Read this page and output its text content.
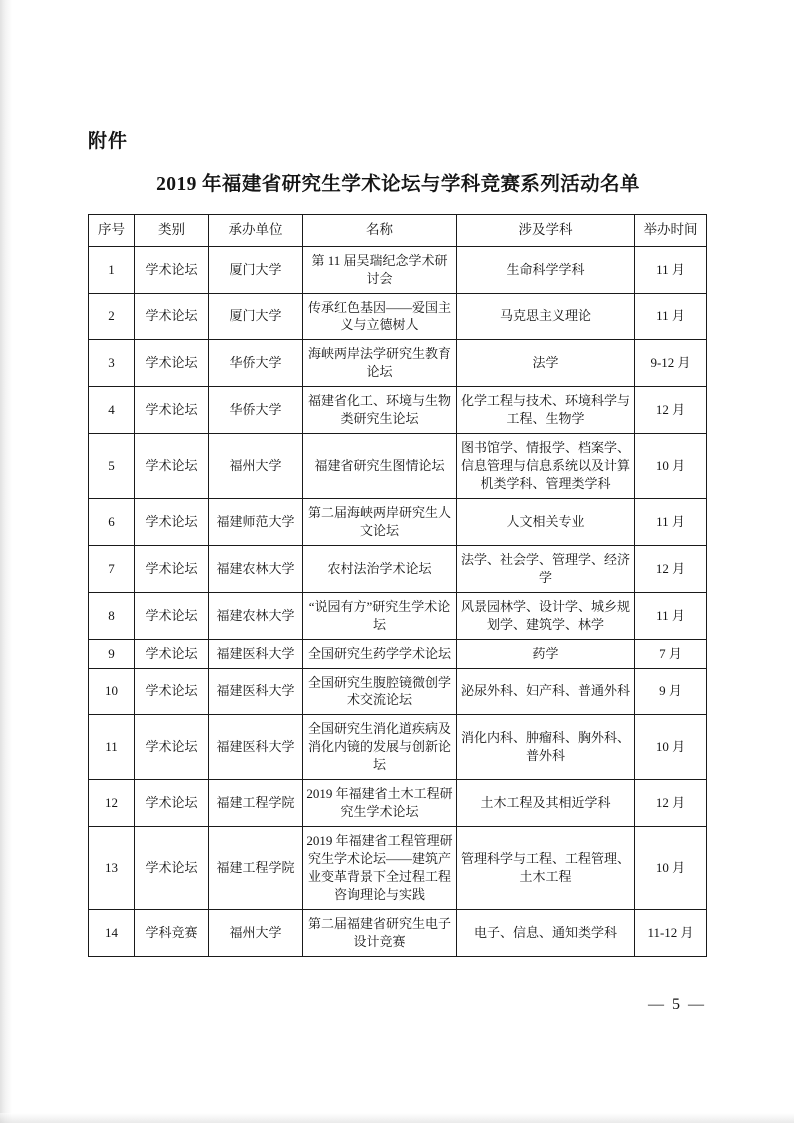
附件
2019 年福建省研究生学术论坛与学科竞赛系列活动名单
序号	类别	承办单位	名称	涉及学科	举办时间
1	学术论坛	厦门大学	第 11 届吴瑞纪念学术研讨会	生命科学学科	11 月
2	学术论坛	厦门大学	传承红色基因——爱国主义与立德树人	马克思主义理论	11 月
3	学术论坛	华侨大学	海峡两岸法学研究生教育论坛	法学	9-12 月
4	学术论坛	华侨大学	福建省化工、环境与生物类研究生论坛	化学工程与技术、环境科学与工程、生物学	12 月
5	学术论坛	福州大学	福建省研究生图情论坛	图书馆学、情报学、档案学、信息管理与信息系统以及计算机类学科、管理类学科	10 月
6	学术论坛	福建师范大学	第二届海峡两岸研究生人文论坛	人文相关专业	11 月
7	学术论坛	福建农林大学	农村法治学术论坛	法学、社会学、管理学、经济学	12 月
8	学术论坛	福建农林大学	“说园有方”研究生学术论坛	风景园林学、设计学、城乡规划学、建筑学、林学	11 月
9	学术论坛	福建医科大学	全国研究生药学学术论坛	药学	7 月
10	学术论坛	福建医科大学	全国研究生腹腔镜微创学术交流论坛	泌尿外科、妇产科、普通外科	9 月
11	学术论坛	福建医科大学	全国研究生消化道疾病及消化内镜的发展与创新论坛	消化内科、肿瘤科、胸外科、普外科	10 月
12	学术论坛	福建工程学院	2019 年福建省土木工程研究生学术论坛	土木工程及其相近学科	12 月
13	学术论坛	福建工程学院	2019 年福建省工程管理研究生学术论坛——建筑产业变革背景下全过程工程咨询理论与实践	管理科学与工程、工程管理、土木工程	10 月
14	学科竞赛	福州大学	第二届福建省研究生电子设计竞赛	电子、信息、通知类学科	11-12 月
— 5 —
